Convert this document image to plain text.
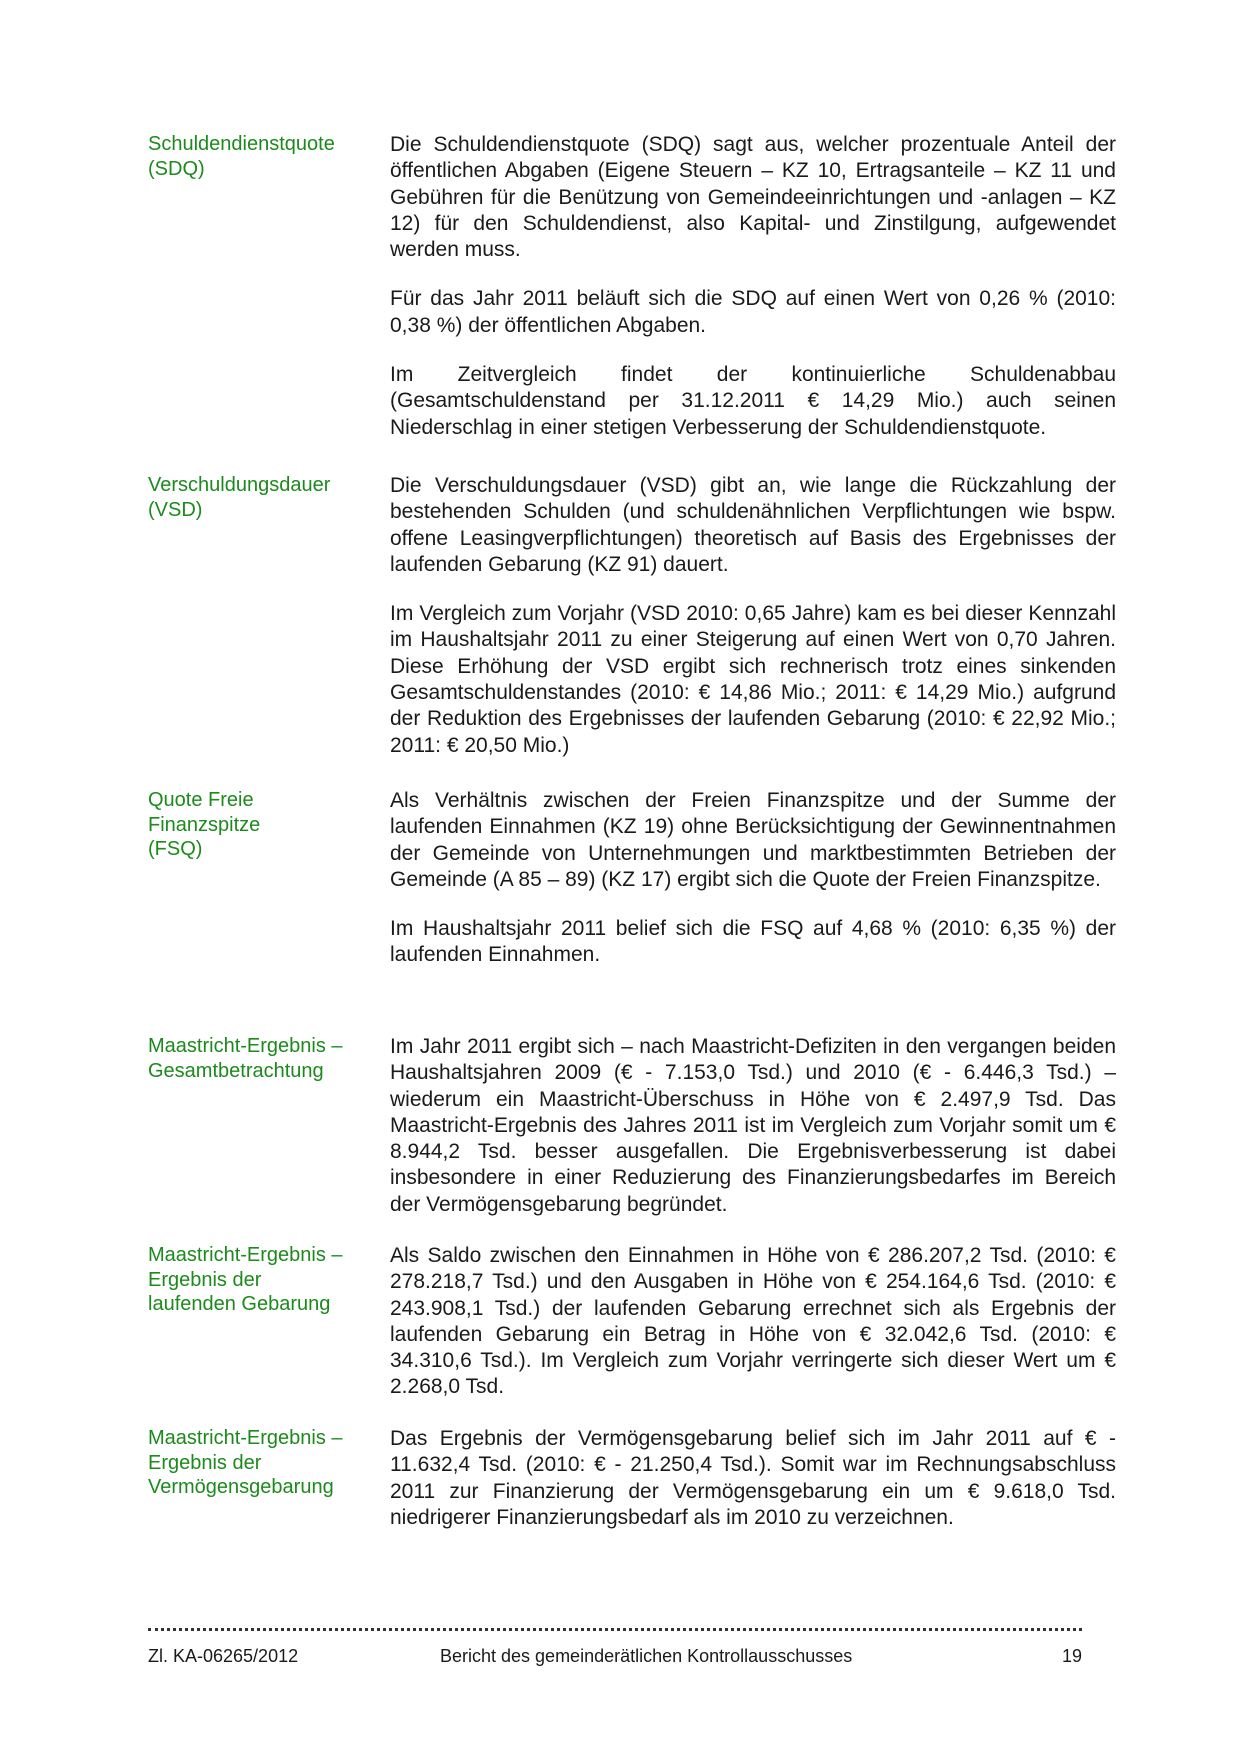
Schuldendienstquote
(SDQ)

Die Schuldendienstquote (SDQ) sagt aus, welcher prozentuale Anteil der öffentlichen Abgaben (Eigene Steuern – KZ 10, Ertragsanteile – KZ 11 und Gebühren für die Benützung von Gemeindeeinrichtungen und -anlagen – KZ 12) für den Schuldendienst, also Kapital- und Zinstilgung, aufgewendet werden muss.

Für das Jahr 2011 beläuft sich die SDQ auf einen Wert von 0,26 % (2010: 0,38 %) der öffentlichen Abgaben.

Im Zeitvergleich findet der kontinuierliche Schuldenabbau (Gesamtschuldenstand per 31.12.2011 € 14,29 Mio.) auch seinen Niederschlag in einer stetigen Verbesserung der Schuldendienstquote.

Verschuldungsdauer
(VSD)

Die Verschuldungsdauer (VSD) gibt an, wie lange die Rückzahlung der bestehenden Schulden (und schuldenähnlichen Verpflichtungen wie bspw. offene Leasingverpflichtungen) theoretisch auf Basis des Ergebnisses der laufenden Gebarung (KZ 91) dauert.

Im Vergleich zum Vorjahr (VSD 2010: 0,65 Jahre) kam es bei dieser Kennzahl im Haushaltsjahr 2011 zu einer Steigerung auf einen Wert von 0,70 Jahren. Diese Erhöhung der VSD ergibt sich rechnerisch trotz eines sinkenden Gesamtschuldenstandes (2010: € 14,86 Mio.; 2011: € 14,29 Mio.) aufgrund der Reduktion des Ergebnisses der laufenden Gebarung (2010: € 22,92 Mio.; 2011: € 20,50 Mio.)

Quote Freie
Finanzspitze
(FSQ)

Als Verhältnis zwischen der Freien Finanzspitze und der Summe der laufenden Einnahmen (KZ 19) ohne Berücksichtigung der Gewinnentnahmen der Gemeinde von Unternehmungen und marktbestimmten Betrieben der Gemeinde (A 85 – 89) (KZ 17) ergibt sich die Quote der Freien Finanzspitze.

Im Haushaltsjahr 2011 belief sich die FSQ auf 4,68 % (2010: 6,35 %) der laufenden Einnahmen.

Maastricht-Ergebnis –
Gesamtbetrachtung

Im Jahr 2011 ergibt sich – nach Maastricht-Defiziten in den vergangen beiden Haushaltsjahren 2009 (€ - 7.153,0 Tsd.) und 2010 (€ - 6.446,3 Tsd.) – wiederum ein Maastricht-Überschuss in Höhe von € 2.497,9 Tsd. Das Maastricht-Ergebnis des Jahres 2011 ist im Vergleich zum Vorjahr somit um € 8.944,2 Tsd. besser ausgefallen. Die Ergebnisverbesserung ist dabei insbesondere in einer Reduzierung des Finanzierungsbedarfes im Bereich der Vermögensgebarung begründet.

Maastricht-Ergebnis –
Ergebnis der
laufenden Gebarung

Als Saldo zwischen den Einnahmen in Höhe von € 286.207,2 Tsd. (2010: € 278.218,7 Tsd.) und den Ausgaben in Höhe von € 254.164,6 Tsd. (2010: € 243.908,1 Tsd.) der laufenden Gebarung errechnet sich als Ergebnis der laufenden Gebarung ein Betrag in Höhe von € 32.042,6 Tsd. (2010: € 34.310,6 Tsd.). Im Vergleich zum Vorjahr verringerte sich dieser Wert um € 2.268,0 Tsd.

Maastricht-Ergebnis –
Ergebnis der
Vermögensgebarung

Das Ergebnis der Vermögensgebarung belief sich im Jahr 2011 auf € - 11.632,4 Tsd. (2010: € - 21.250,4 Tsd.). Somit war im Rechnungsabschluss 2011 zur Finanzierung der Vermögensgebarung ein um € 9.618,0 Tsd. niedrigerer Finanzierungsbedarf als im 2010 zu verzeichnen.

Zl. KA-06265/2012	Bericht des gemeinderätlichen Kontrollausschusses	19
